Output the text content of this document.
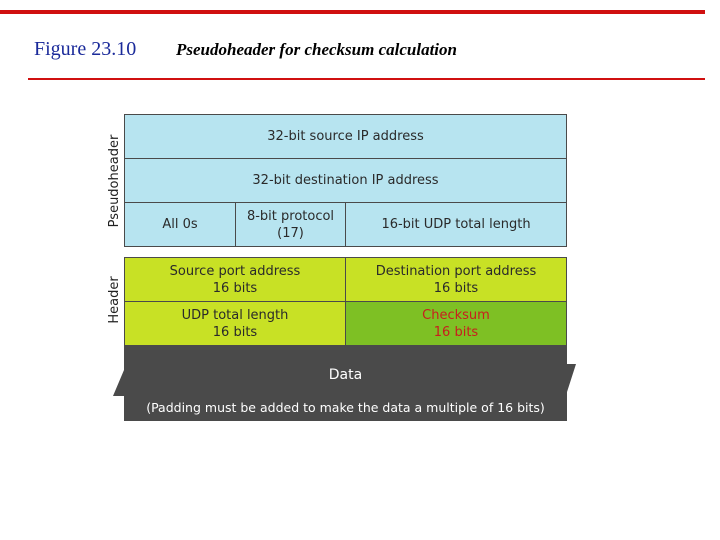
Figure 23.10 Pseudoheader for checksum calculation
Pseudoheader
Header
32-bit source IP address
32-bit destination IP address
All 0s
8-bit protocol
(17)
16-bit UDP total length
Source port address
16 bits
Destination port address
16 bits
UDP total length
16 bits
Checksum
16 bits
Data
(Padding must be added to make the data a multiple of 16 bits)
